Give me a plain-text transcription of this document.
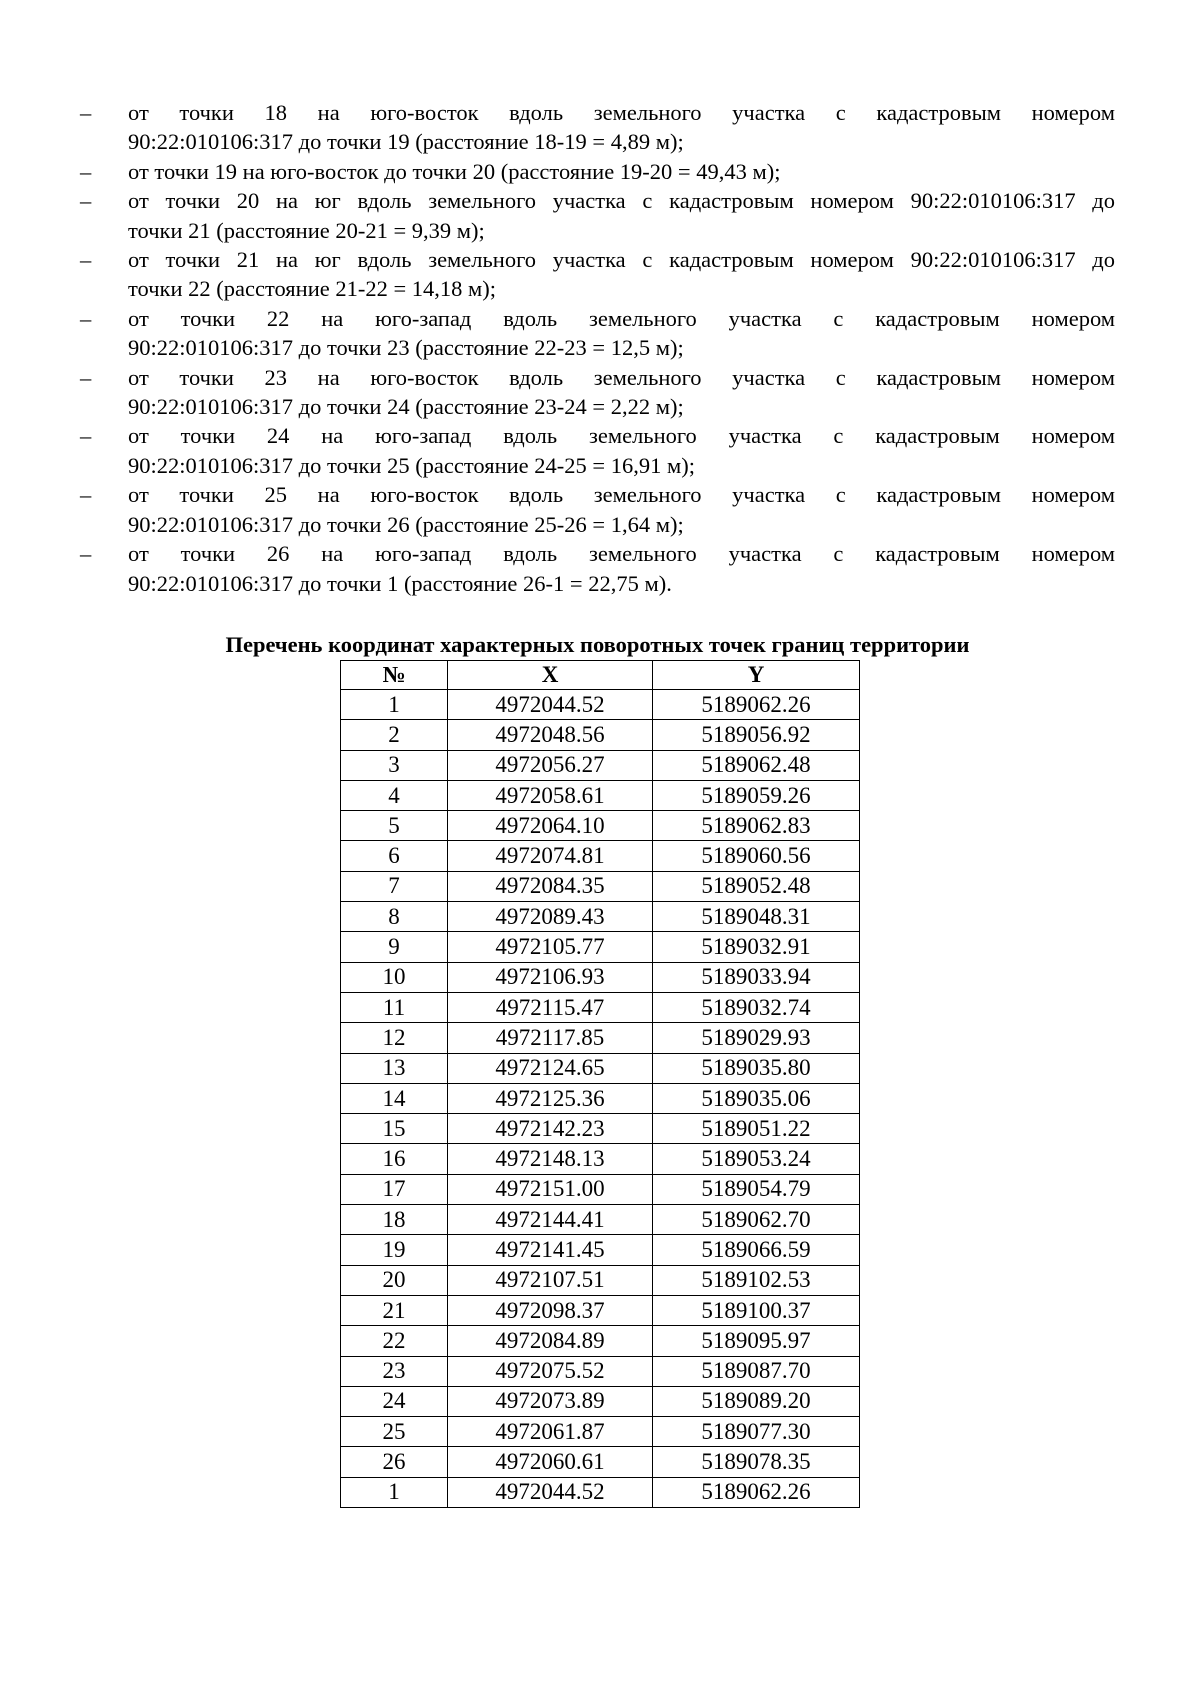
– от точки 18 на юго-восток вдоль земельного участка с кадастровым номером
90:22:010106:317 до точки 19 (расстояние 18-19 = 4,89 м);
– от точки 19 на юго-восток до точки 20 (расстояние 19-20 = 49,43 м);
– от точки 20 на юг вдоль земельного участка с кадастровым номером 90:22:010106:317 до
точки 21 (расстояние 20-21 = 9,39 м);
– от точки 21 на юг вдоль земельного участка с кадастровым номером 90:22:010106:317 до
точки 22 (расстояние 21-22 = 14,18 м);
– от точки 22 на юго-запад вдоль земельного участка с кадастровым номером
90:22:010106:317 до точки 23 (расстояние 22-23 = 12,5 м);
– от точки 23 на юго-восток вдоль земельного участка с кадастровым номером
90:22:010106:317 до точки 24 (расстояние 23-24 = 2,22 м);
– от точки 24 на юго-запад вдоль земельного участка с кадастровым номером
90:22:010106:317 до точки 25 (расстояние 24-25 = 16,91 м);
– от точки 25 на юго-восток вдоль земельного участка с кадастровым номером
90:22:010106:317 до точки 26 (расстояние 25-26 = 1,64 м);
– от точки 26 на юго-запад вдоль земельного участка с кадастровым номером
90:22:010106:317 до точки 1 (расстояние 26-1 = 22,75 м).

Перечень координат характерных поворотных точек границ территории

№	X	Y
1	4972044.52	5189062.26
2	4972048.56	5189056.92
3	4972056.27	5189062.48
4	4972058.61	5189059.26
5	4972064.10	5189062.83
6	4972074.81	5189060.56
7	4972084.35	5189052.48
8	4972089.43	5189048.31
9	4972105.77	5189032.91
10	4972106.93	5189033.94
11	4972115.47	5189032.74
12	4972117.85	5189029.93
13	4972124.65	5189035.80
14	4972125.36	5189035.06
15	4972142.23	5189051.22
16	4972148.13	5189053.24
17	4972151.00	5189054.79
18	4972144.41	5189062.70
19	4972141.45	5189066.59
20	4972107.51	5189102.53
21	4972098.37	5189100.37
22	4972084.89	5189095.97
23	4972075.52	5189087.70
24	4972073.89	5189089.20
25	4972061.87	5189077.30
26	4972060.61	5189078.35
1	4972044.52	5189062.26
